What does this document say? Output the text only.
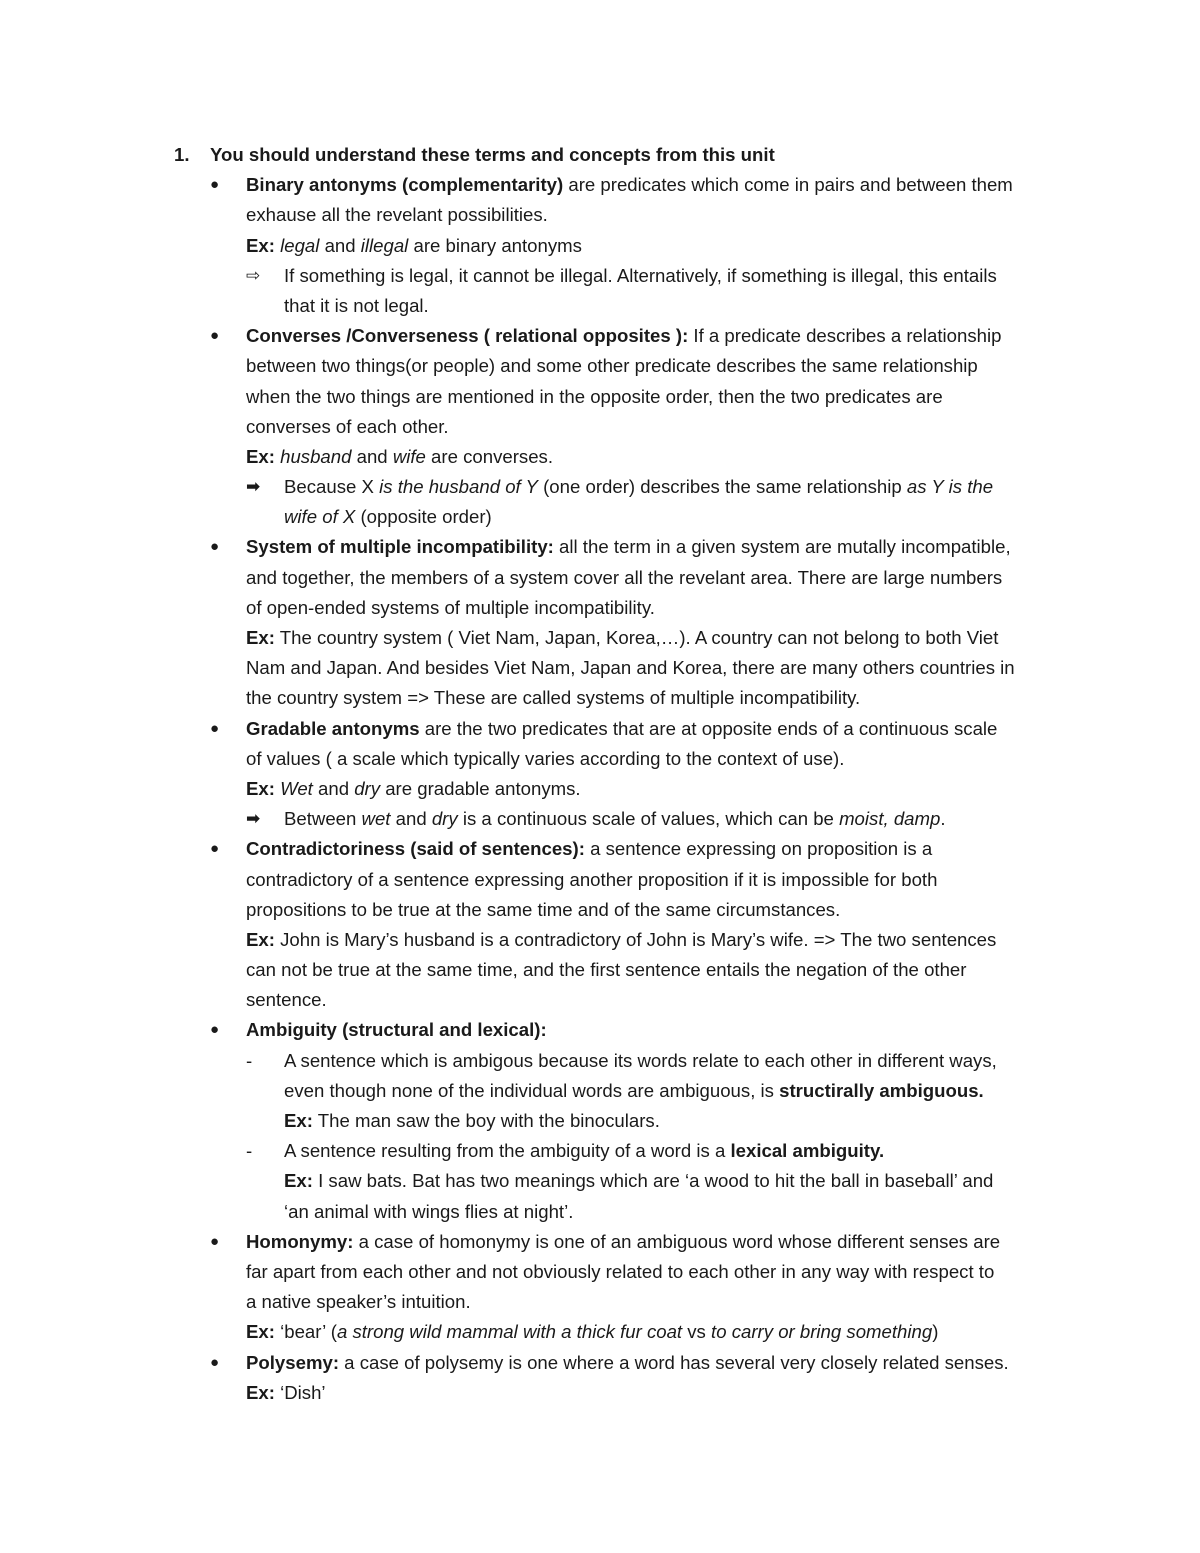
1. You should understand these terms and concepts from this unit
● Binary antonyms (complementarity) are predicates which come in pairs and between them
exhause all the revelant possibilities.
Ex: legal and illegal are binary antonyms
⇨ If something is legal, it cannot be illegal. Alternatively, if something is illegal, this entails
that it is not legal.
● Converses /Converseness ( relational opposites ): If a predicate describes a relationship
between two things(or people) and some other predicate describes the same relationship
when the two things are mentioned in the opposite order, then the two predicates are
converses of each other.
Ex: husband and wife are converses.
➡ Because X is the husband of Y (one order) describes the same relationship as Y is the
wife of X (opposite order)
● System of multiple incompatibility: all the term in a given system are mutally incompatible,
and together, the members of a system cover all the revelant area. There are large numbers
of open-ended systems of multiple incompatibility.
Ex: The country system ( Viet Nam, Japan, Korea,…). A country can not belong to both Viet
Nam and Japan. And besides Viet Nam, Japan and Korea, there are many others countries in
the country system => These are called systems of multiple incompatibility.
● Gradable antonyms are the two predicates that are at opposite ends of a continuous scale
of values ( a scale which typically varies according to the context of use).
Ex: Wet and dry are gradable antonyms.
➡ Between wet and dry is a continuous scale of values, which can be moist, damp.
● Contradictoriness (said of sentences): a sentence expressing on proposition is a
contradictory of a sentence expressing another proposition if it is impossible for both
propositions to be true at the same time and of the same circumstances.
Ex: John is Mary’s husband is a contradictory of John is Mary’s wife. => The two sentences
can not be true at the same time, and the first sentence entails the negation of the other
sentence.
● Ambiguity (structural and lexical):
- A sentence which is ambigous because its words relate to each other in different ways,
even though none of the individual words are ambiguous, is structirally ambiguous.
Ex: The man saw the boy with the binoculars.
- A sentence resulting from the ambiguity of a word is a lexical ambiguity.
Ex: I saw bats. Bat has two meanings which are ‘a wood to hit the ball in baseball’ and
‘an animal with wings flies at night’.
● Homonymy: a case of homonymy is one of an ambiguous word whose different senses are
far apart from each other and not obviously related to each other in any way with respect to
a native speaker’s intuition.
Ex: ‘bear’ (a strong wild mammal with a thick fur coat vs to carry or bring something)
● Polysemy: a case of polysemy is one where a word has several very closely related senses.
Ex: ‘Dish’
